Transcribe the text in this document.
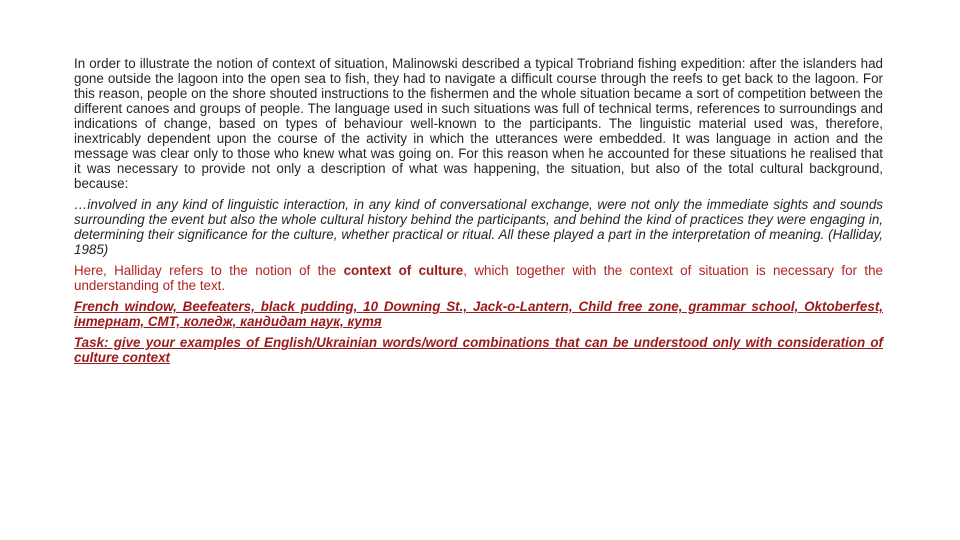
In order to illustrate the notion of context of situation, Malinowski described a typical Trobriand fishing expedition: after the islanders had gone outside the lagoon into the open sea to fish, they had to navigate a difficult course through the reefs to get back to the lagoon. For this reason, people on the shore shouted instructions to the fishermen and the whole situation became a sort of competition between the different canoes and groups of people. The language used in such situations was full of technical terms, references to surroundings and indications of change, based on types of behaviour well-known to the participants. The linguistic material used was, therefore, inextricably dependent upon the course of the activity in which the utterances were embedded. It was language in action and the message was clear only to those who knew what was going on. For this reason when he accounted for these situations he realised that it was necessary to provide not only a description of what was happening, the situation, but also of the total cultural background, because:

…involved in any kind of linguistic interaction, in any kind of conversational exchange, were not only the immediate sights and sounds surrounding the event but also the whole cultural history behind the participants, and behind the kind of practices they were engaging in, determining their significance for the culture, whether practical or ritual. All these played a part in the interpretation of meaning. (Halliday, 1985)

Here, Halliday refers to the notion of the context of culture, which together with the context of situation is necessary for the understanding of the text.

French window, Beefeaters, black pudding, 10 Downing St., Jack-o-Lantern, Child free zone, grammar school, Oktoberfest, інтернат, СМТ, коледж, кандидат наук, кутя

Task: give your examples of English/Ukrainian words/word combinations that can be understood only with consideration of culture context
